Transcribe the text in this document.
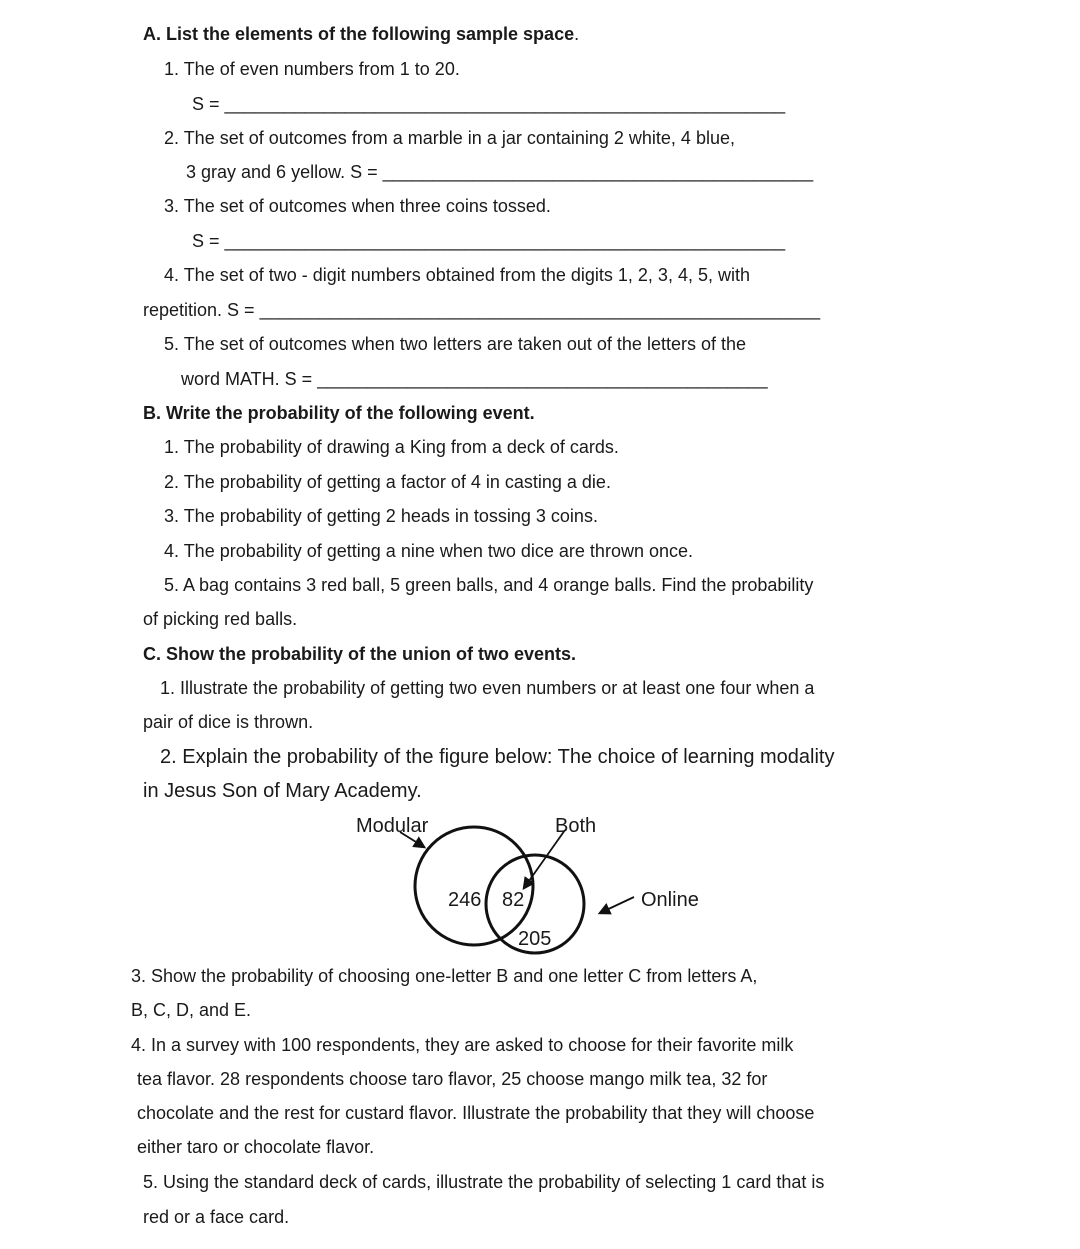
A. List the elements of the following sample space.
1. The of even numbers from 1 to 20.
S = ________________________________________________________
2. The set of outcomes from a marble in a jar containing 2 white, 4 blue,
3 gray and 6 yellow. S = ___________________________________________
3. The set of outcomes when three coins tossed.
S = ________________________________________________________
4. The set of two - digit numbers obtained from the digits 1, 2, 3, 4, 5, with
repetition. S = ________________________________________________________
5. The set of outcomes when two letters are taken out of the letters of the
word MATH. S = _____________________________________________
B. Write the probability of the following event.
1. The probability of drawing a King from a deck of cards.
2. The probability of getting a factor of 4 in casting a die.
3. The probability of getting 2 heads in tossing 3 coins.
4. The probability of getting a nine when two dice are thrown once.
5. A bag contains 3 red ball, 5 green balls, and 4 orange balls. Find the probability
of picking red balls.
C. Show the probability of the union of two events.
1. Illustrate the probability of getting two even numbers or at least one four when a
pair of dice is thrown.
2. Explain the probability of the figure below: The choice of learning modality
in Jesus Son of Mary Academy.
Modular	Both
Online
246 82
205
3. Show the probability of choosing one-letter B and one letter C from letters A,
B, C, D, and E.
4. In a survey with 100 respondents, they are asked to choose for their favorite milk
tea flavor. 28 respondents choose taro flavor, 25 choose mango milk tea, 32 for
chocolate and the rest for custard flavor. Illustrate the probability that they will choose
either taro or chocolate flavor.
5. Using the standard deck of cards, illustrate the probability of selecting 1 card that is
red or a face card.
